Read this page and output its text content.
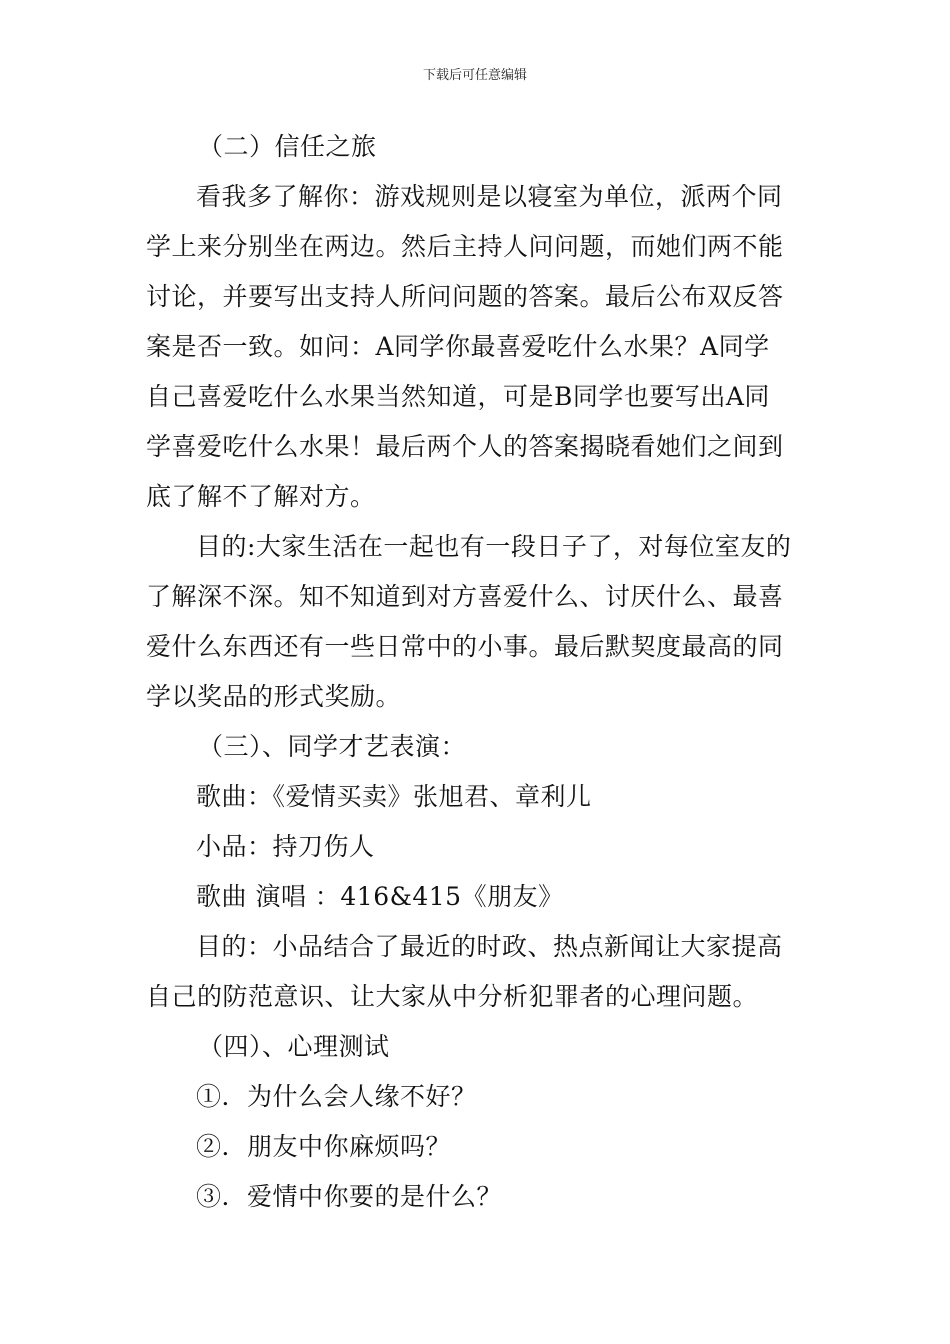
下载后可任意编辑
（二）信任之旅
看我多了解你：游戏规则是以寝室为单位，派两个同
学上来分别坐在两边。然后主持人问问题，而她们两不能
讨论，并要写出支持人所问问题的答案。最后公布双反答
案是否一致。如问：A同学你最喜爱吃什么水果？A同学
自己喜爱吃什么水果当然知道，可是B同学也要写出A同
学喜爱吃什么水果！最后两个人的答案揭晓看她们之间到
底了解不了解对方。
目的:大家生活在一起也有一段日子了，对每位室友的
了解深不深。知不知道到对方喜爱什么、讨厌什么、最喜
爱什么东西还有一些日常中的小事。最后默契度最高的同
学以奖品的形式奖励。
（三）、同学才艺表演：
歌曲：《爱情买卖》张旭君、章利儿
小品：持刀伤人
歌曲 演唱 ：416&415《朋友》
目的：小品结合了最近的时政、热点新闻让大家提高
自己的防范意识、让大家从中分析犯罪者的心理问题。
（四）、心理测试
①．为什么会人缘不好？
②．朋友中你麻烦吗？
③．爱情中你要的是什么？
